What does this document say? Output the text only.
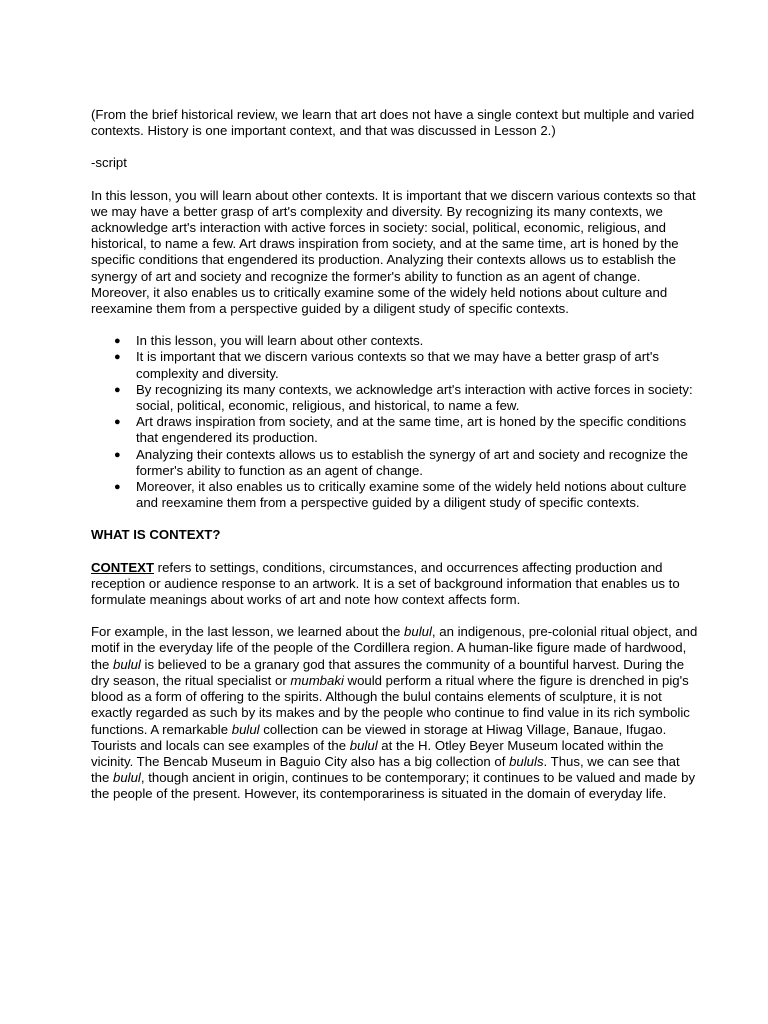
(From the brief historical review, we learn that art does not have a single context but multiple and varied contexts. History is one important context, and that was discussed in Lesson 2.)

-script

In this lesson, you will learn about other contexts. It is important that we discern various contexts so that we may have a better grasp of art's complexity and diversity. By recognizing its many contexts, we acknowledge art's interaction with active forces in society: social, political, economic, religious, and historical, to name a few. Art draws inspiration from society, and at the same time, art is honed by the specific conditions that engendered its production. Analyzing their contexts allows us to establish the synergy of art and society and recognize the former's ability to function as an agent of change. Moreover, it also enables us to critically examine some of the widely held notions about culture and reexamine them from a perspective guided by a diligent study of specific contexts.

● In this lesson, you will learn about other contexts.
● It is important that we discern various contexts so that we may have a better grasp of art's complexity and diversity.
● By recognizing its many contexts, we acknowledge art's interaction with active forces in society: social, political, economic, religious, and historical, to name a few.
● Art draws inspiration from society, and at the same time, art is honed by the specific conditions that engendered its production.
● Analyzing their contexts allows us to establish the synergy of art and society and recognize the former's ability to function as an agent of change.
● Moreover, it also enables us to critically examine some of the widely held notions about culture and reexamine them from a perspective guided by a diligent study of specific contexts.

WHAT IS CONTEXT?

CONTEXT refers to settings, conditions, circumstances, and occurrences affecting production and reception or audience response to an artwork. It is a set of background information that enables us to formulate meanings about works of art and note how context affects form.

For example, in the last lesson, we learned about the bulul, an indigenous, pre-colonial ritual object, and motif in the everyday life of the people of the Cordillera region. A human-like figure made of hardwood, the bulul is believed to be a granary god that assures the community of a bountiful harvest. During the dry season, the ritual specialist or mumbaki would perform a ritual where the figure is drenched in pig's blood as a form of offering to the spirits. Although the bulul contains elements of sculpture, it is not exactly regarded as such by its makes and by the people who continue to find value in its rich symbolic functions. A remarkable bulul collection can be viewed in storage at Hiwag Village, Banaue, Ifugao. Tourists and locals can see examples of the bulul at the H. Otley Beyer Museum located within the vicinity. The Bencab Museum in Baguio City also has a big collection of bululs. Thus, we can see that the bulul, though ancient in origin, continues to be contemporary; it continues to be valued and made by the people of the present. However, its contemporariness is situated in the domain of everyday life.
